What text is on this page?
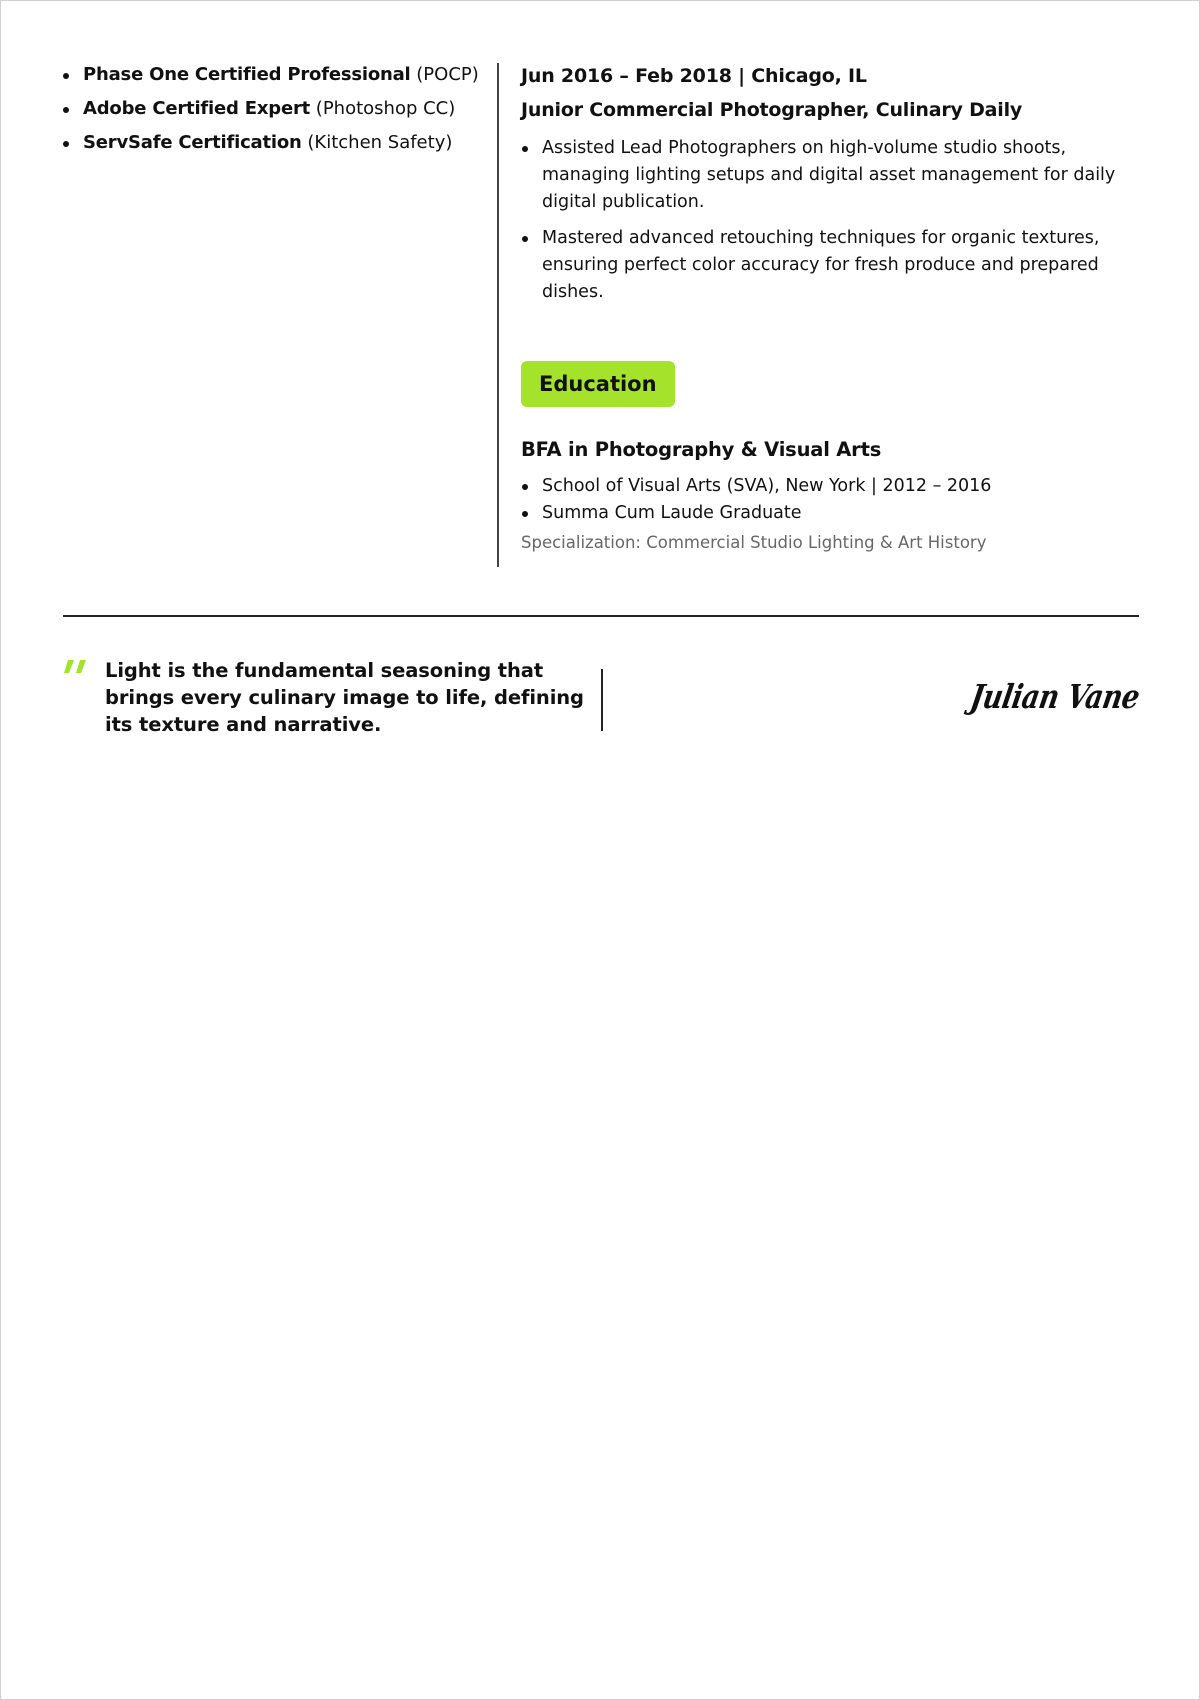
Phase One Certified Professional (POCP)
Adobe Certified Expert (Photoshop CC)
ServSafe Certification (Kitchen Safety)
Jun 2016 – Feb 2018 | Chicago, IL
Junior Commercial Photographer, Culinary Daily
Assisted Lead Photographers on high-volume studio shoots, managing lighting setups and digital asset management for daily digital publication.
Mastered advanced retouching techniques for organic textures, ensuring perfect color accuracy for fresh produce and prepared dishes.
Education
BFA in Photography & Visual Arts
School of Visual Arts (SVA), New York | 2012 – 2016
Summa Cum Laude Graduate
Specialization: Commercial Studio Lighting & Art History
Light is the fundamental seasoning that brings every culinary image to life, defining its texture and narrative.
Julian Vane
